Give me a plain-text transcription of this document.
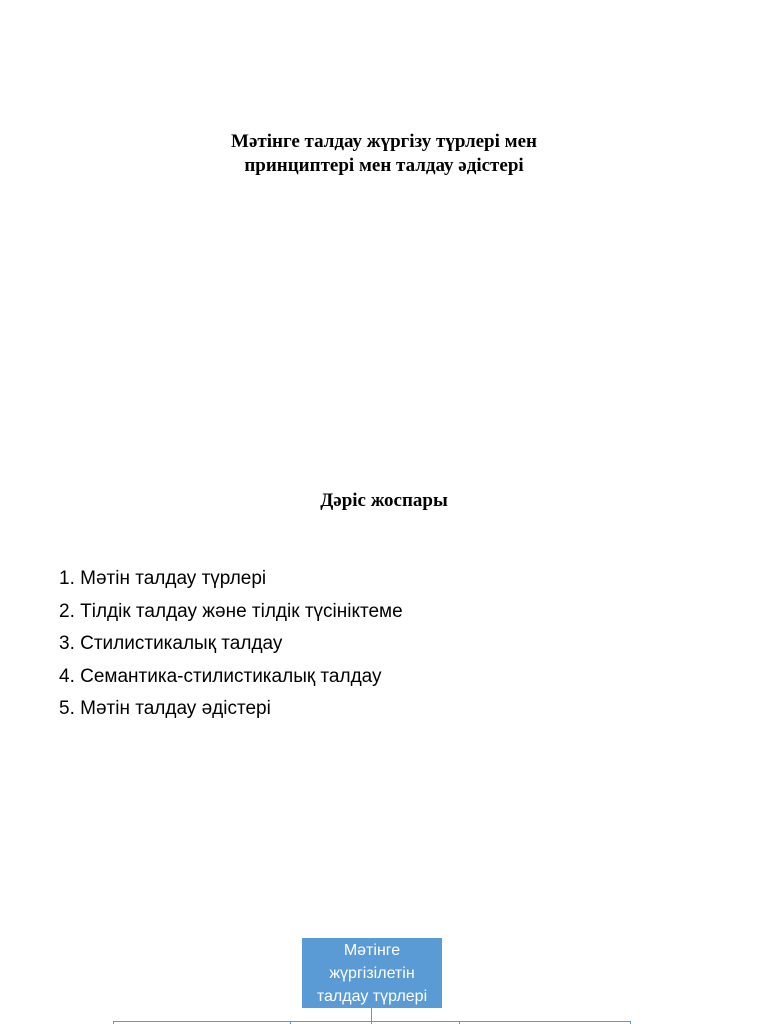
Мәтінге талдау жүргізу түрлері мен
принциптері мен талдау әдістері
Дәріс жоспары
1. Мәтін талдау түрлері
2. Тілдік талдау және тілдік түсініктеме
3. Стилистикалық талдау
4. Семантика-стилистикалық талдау
5. Мәтін талдау әдістері
Мәтінге
жүргізілетін
талдау түрлері
